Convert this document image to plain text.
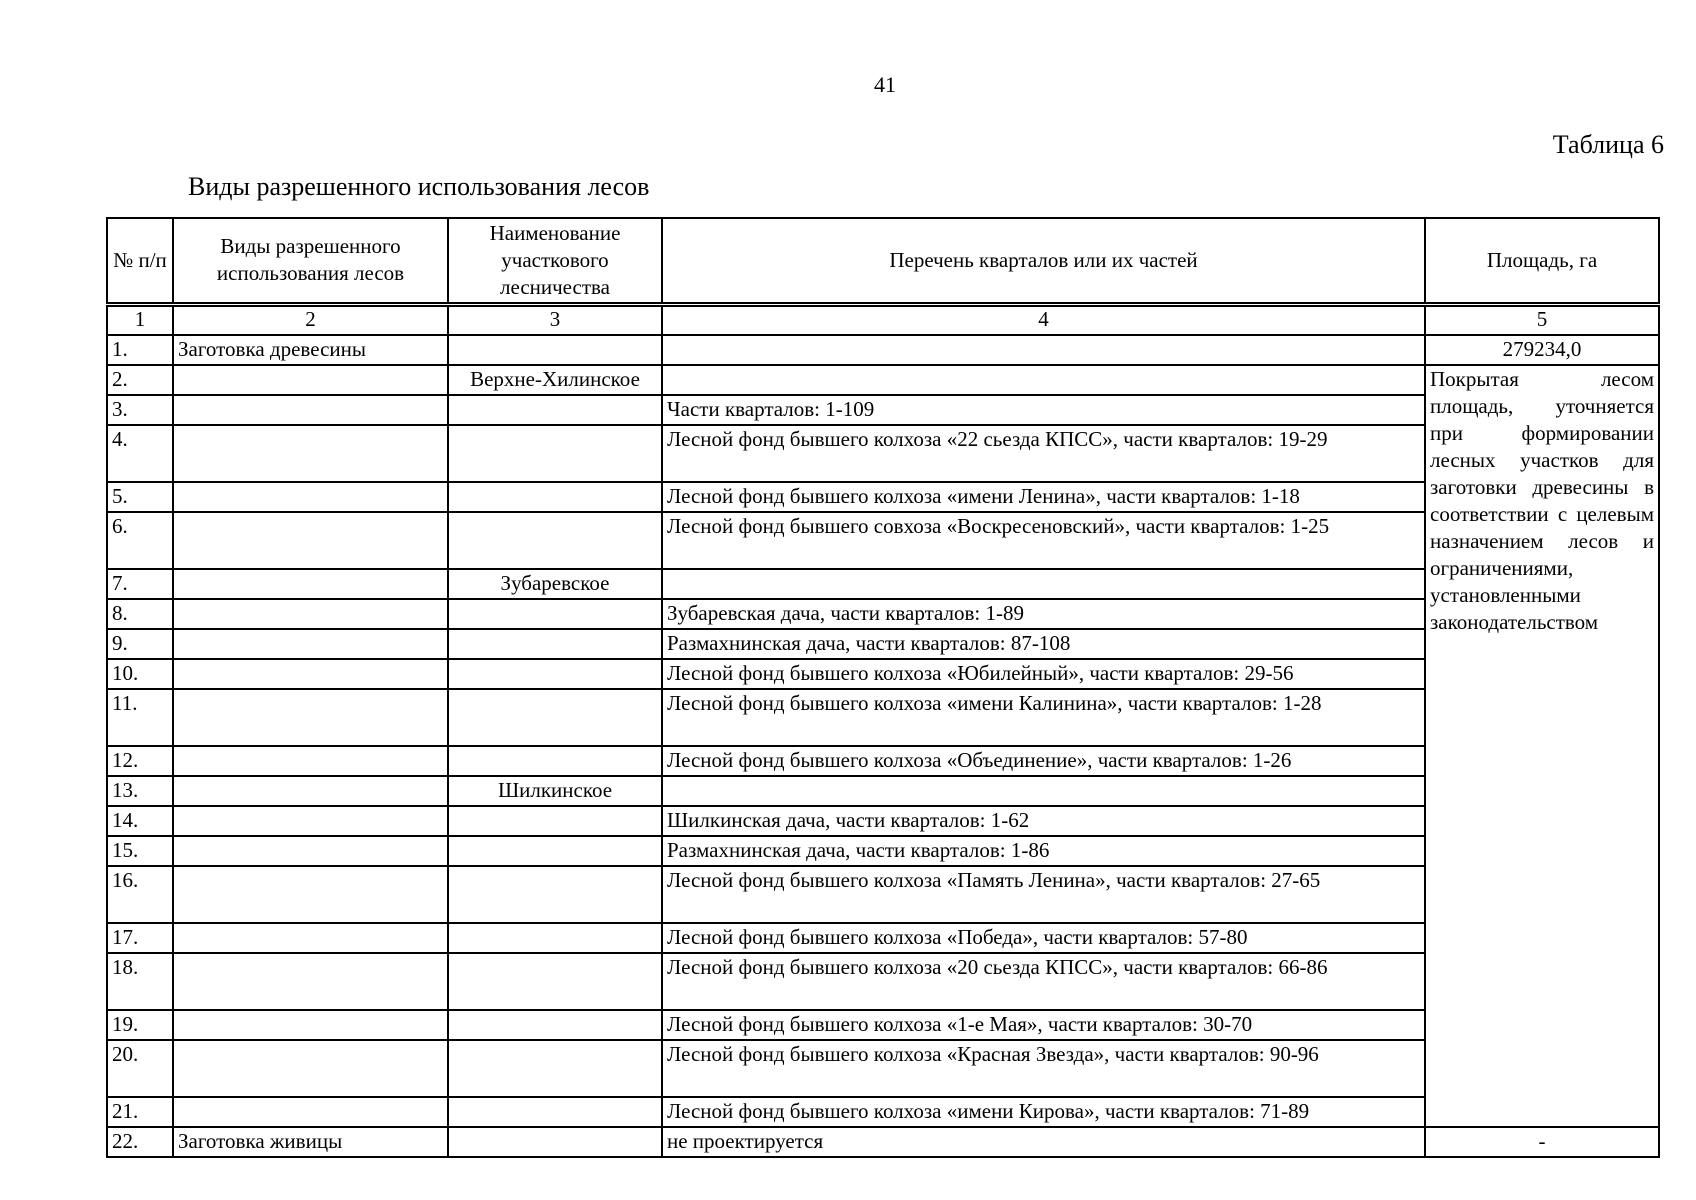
41
Таблица 6
Виды разрешенного использования лесов
№ п/п	Виды разрешенного использования лесов	Наименование участкового лесничества	Перечень кварталов или их частей	Площадь, га
1	2	3	4	5
1.	Заготовка древесины			279234,0
2.		Верхне-Хилинское		Покрытая лесом площадь, уточняется при формировании лесных участков для заготовки древесины в соответствии с целевым назначением лесов и ограничениями, установленными законодательством

3.			Части кварталов: 1-109	
4.			Лесной фонд бывшего колхоза «22 сьезда КПСС», части кварталов: 19-29	
5.			Лесной фонд бывшего колхоза «имени Ленина», части кварталов: 1-18	
6.			Лесной фонд бывшего совхоза «Воскресеновский», части кварталов: 1-25	
7.		Зубаревское		
8.			Зубаревская дача, части кварталов: 1-89	
9.			Размахнинская дача, части кварталов: 87-108	
10.			Лесной фонд бывшего колхоза «Юбилейный», части кварталов: 29-56	
11.			Лесной фонд бывшего колхоза «имени Калинина», части кварталов: 1-28	
12.			Лесной фонд бывшего колхоза «Объединение», части кварталов: 1-26	
13.		Шилкинское		
14.			Шилкинская дача, части кварталов: 1-62	
15.			Размахнинская дача, части кварталов: 1-86	
16.			Лесной фонд бывшего колхоза «Память Ленина», части кварталов: 27-65	
17.			Лесной фонд бывшего колхоза «Победа», части кварталов: 57-80	
18.			Лесной фонд бывшего колхоза «20 сьезда КПСС», части кварталов: 66-86	
19.			Лесной фонд бывшего колхоза «1-е Мая», части кварталов: 30-70	
20.			Лесной фонд бывшего колхоза «Красная Звезда», части кварталов: 90-96	
21.			Лесной фонд бывшего колхоза «имени Кирова», части кварталов: 71-89	
22.	Заготовка живицы		не проектируется	-
